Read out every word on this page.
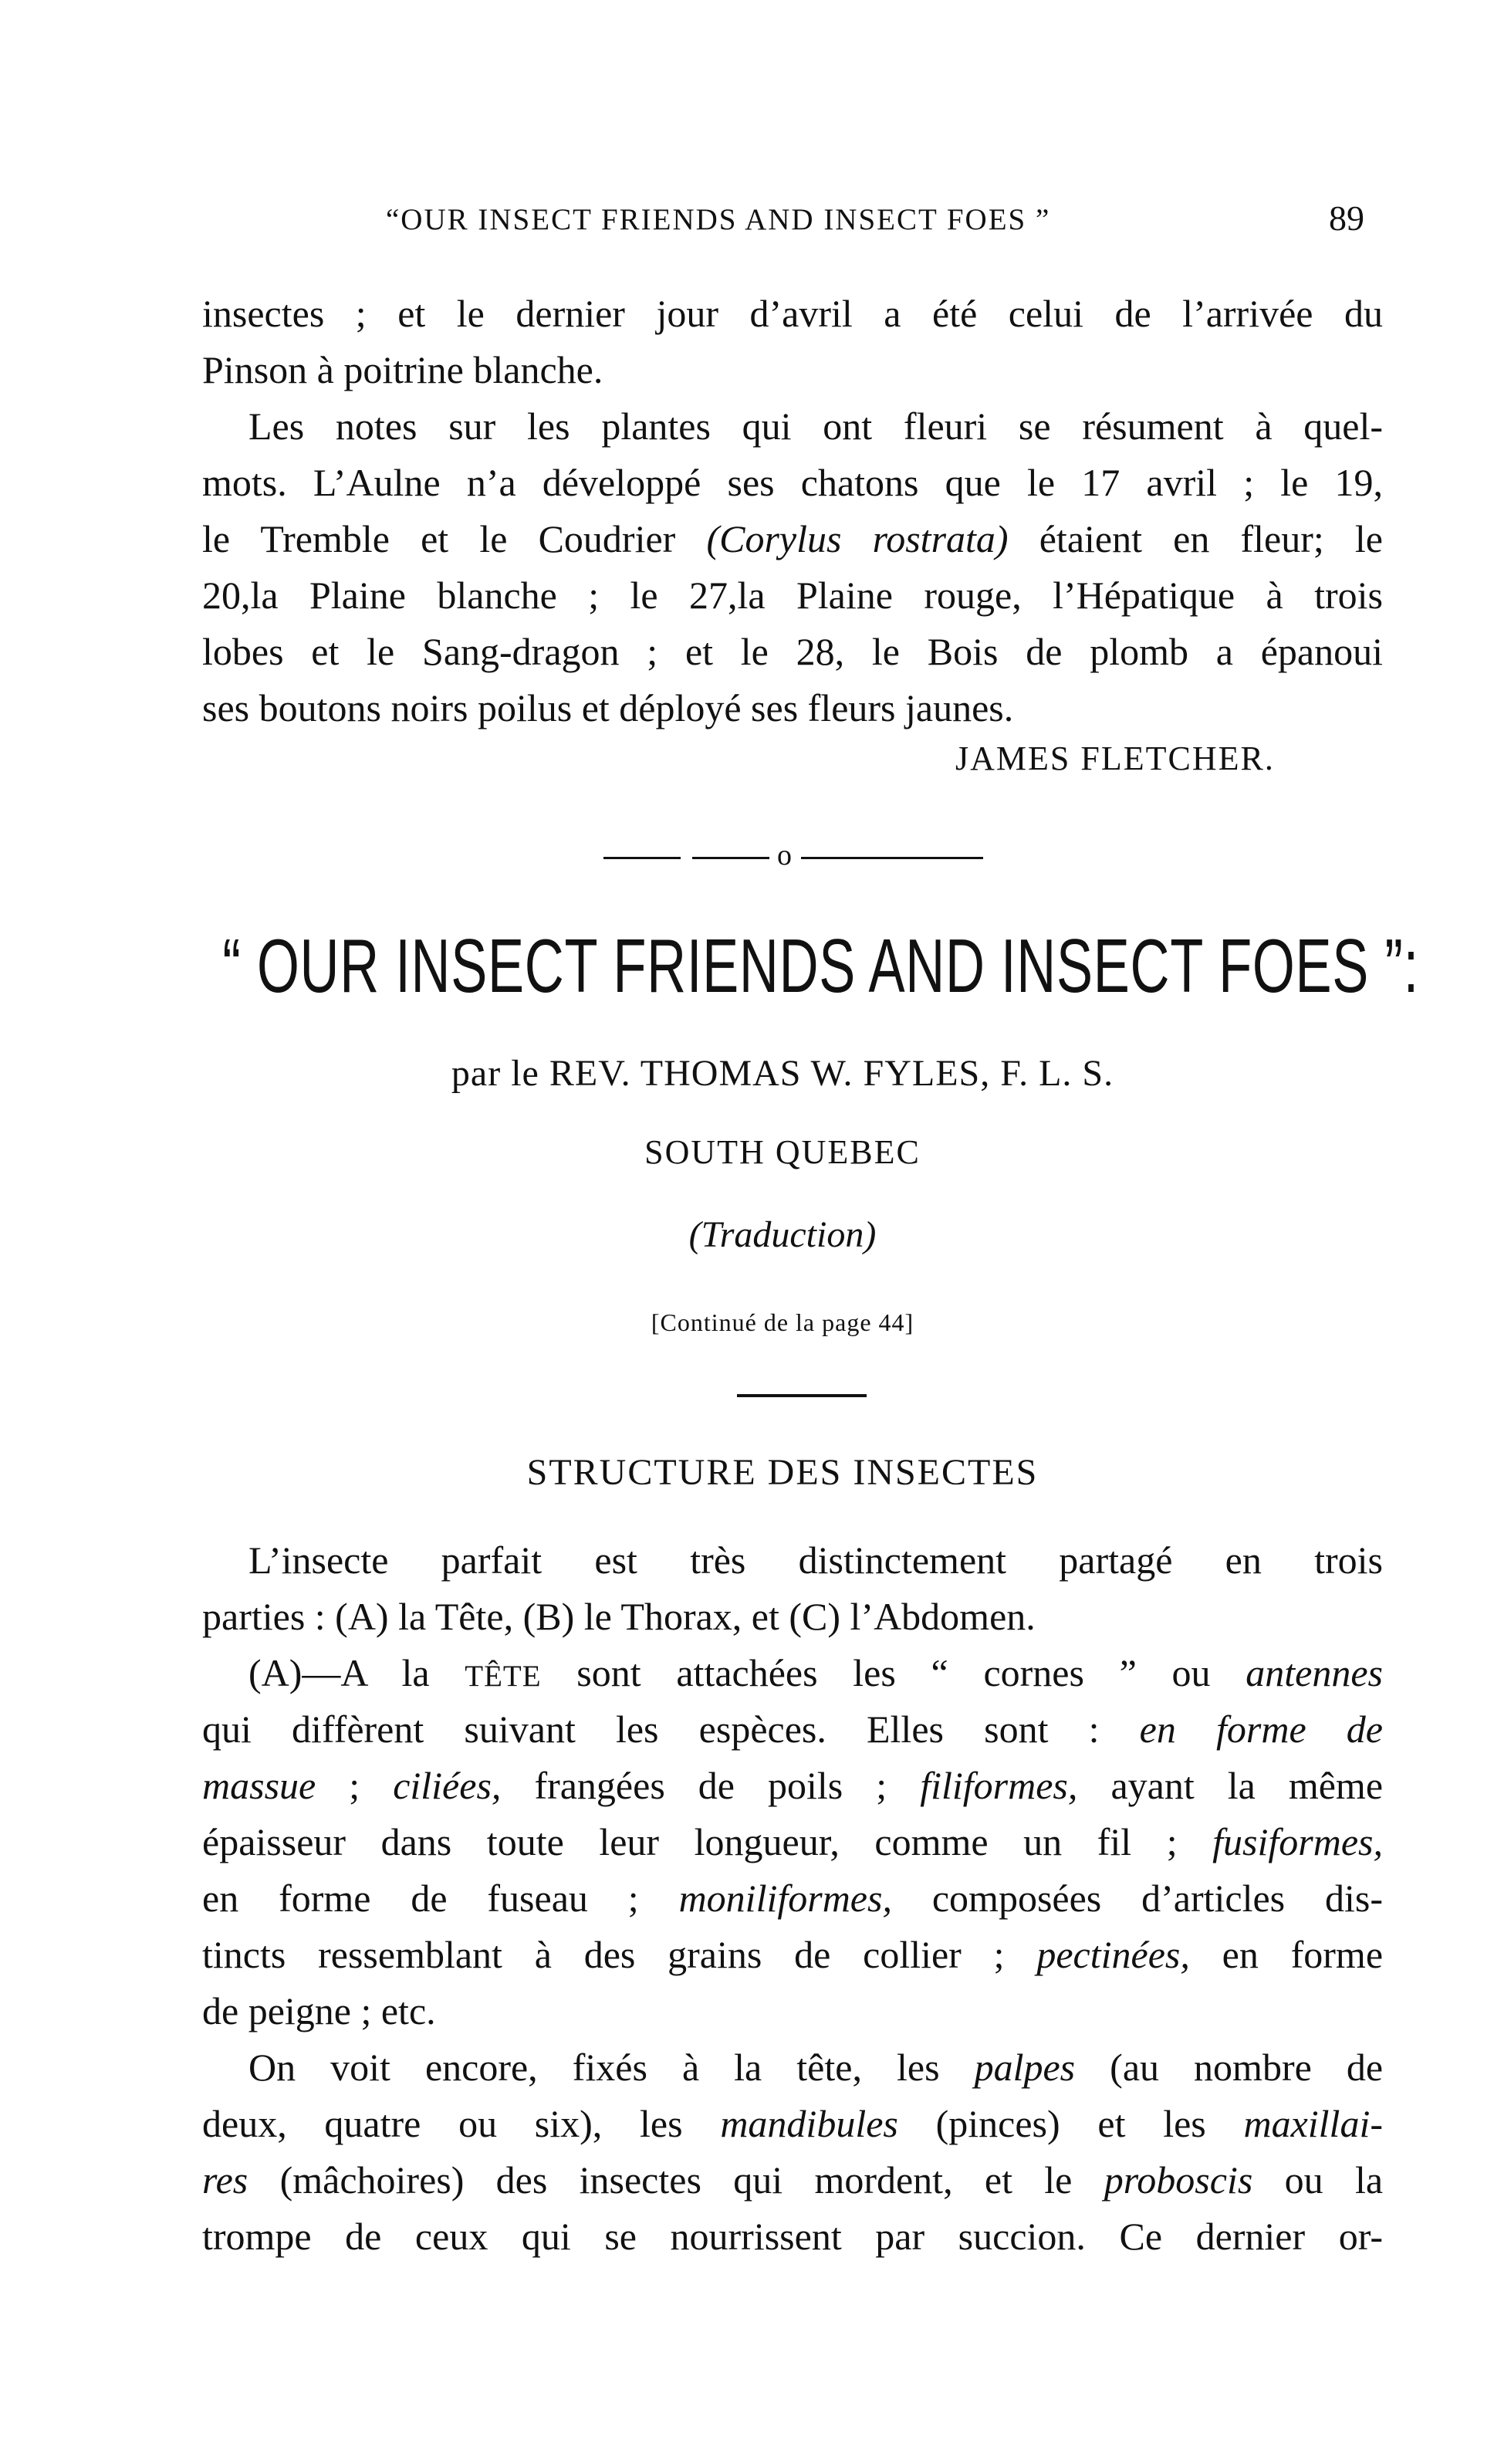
“OUR INSECT FRIENDS AND INSECT FOES ”	89
insectes ; et le dernier jour d’avril a été celui de l’arrivée du
Pinson à poitrine blanche.
Les notes sur les plantes qui ont fleuri se résument à quel-
mots. L’Aulne n’a développé ses chatons que le 17 avril ; le 19,
le Tremble et le Coudrier (Corylus rostrata) étaient en fleur; le
20,la Plaine blanche ; le 27,la Plaine rouge, l’Hépatique à trois
lobes et le Sang-dragon ; et le 28, le Bois de plomb a épanoui
ses boutons noirs poilus et déployé ses fleurs jaunes.
JAMES FLETCHER.
o
“ OUR INSECT FRIENDS AND INSECT FOES ”:
par le REV. THOMAS W. FYLES, F. L. S.
SOUTH QUEBEC
(Traduction)
[Continué de la page 44]
STRUCTURE DES INSECTES
L’insecte parfait est très distinctement partagé en trois
parties : (A) la Tête, (B) le Thorax, et (C) l’Abdomen.
(A)—A la TÊTE sont attachées les “ cornes ” ou antennes
qui diffèrent suivant les espèces. Elles sont : en forme de
massue ; ciliées, frangées de poils ; filiformes, ayant la même
épaisseur dans toute leur longueur, comme un fil ; fusiformes,
en forme de fuseau ; moniliformes, composées d’articles dis-
tincts ressemblant à des grains de collier ; pectinées, en forme
de peigne ; etc.
On voit encore, fixés à la tête, les palpes (au nombre de
deux, quatre ou six), les mandibules (pinces) et les maxillai-
res (mâchoires) des insectes qui mordent, et le proboscis ou la
trompe de ceux qui se nourrissent par succion. Ce dernier or-
